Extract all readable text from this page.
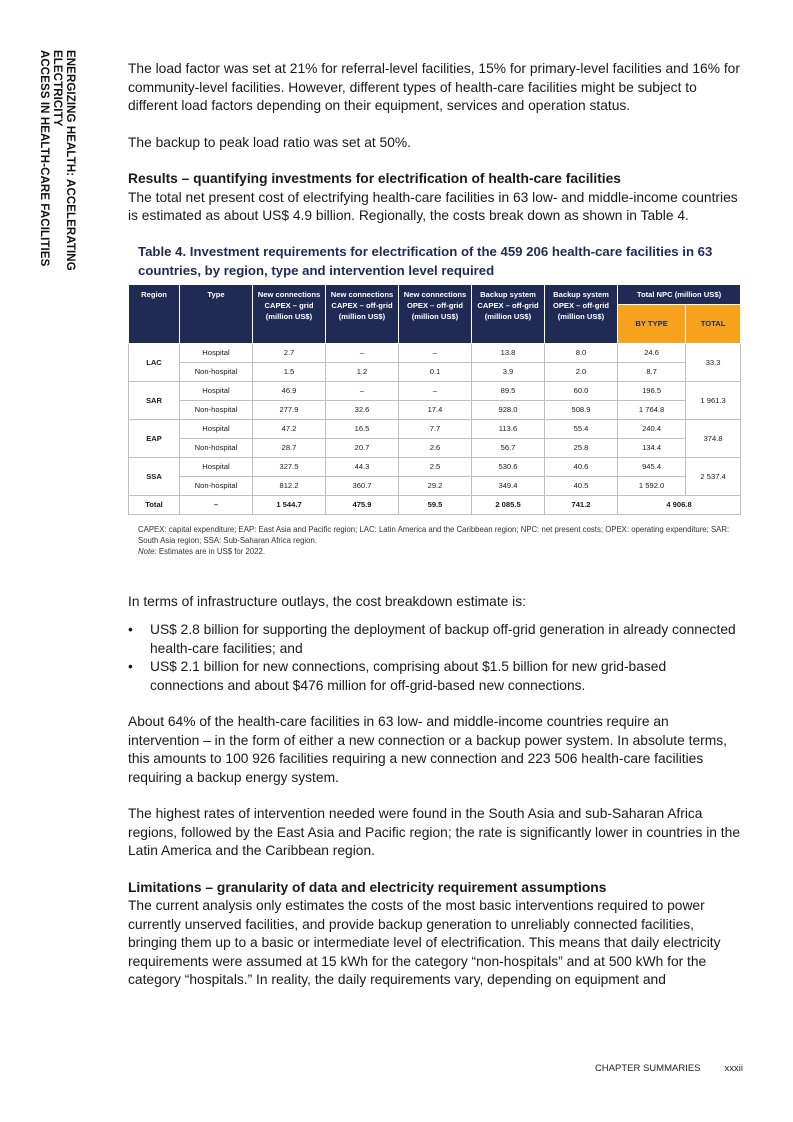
ENERGIZING HEALTH: ACCELERATING ELECTRICITY
ACCESS IN HEALTH-CARE FACILITIES	The load factor was set at 21% for referral-level facilities, 15% for primary-level facilities and 16% for community-level facilities. However, different types of health-care facilities might be subject to different load factors depending on their equipment, services and operation status.

The backup to peak load ratio was set at 50%.

Results – quantifying investments for electrification of health-care facilities

The total net present cost of electrifying health-care facilities in 63 low- and middle-income countries is estimated as about US$ 4.9 billion. Regionally, the costs break down as shown in Table 4.

Table 4. Investment requirements for electrification of the 459 206 health-care facilities in 63 countries, by region, type and intervention level required
Region	Type	New connections CAPEX – grid (million US$)	New connections CAPEX – off-grid (million US$)	New connections OPEX – off-grid (million US$)	Backup system CAPEX – off-grid (million US$)	Backup system OPEX – off-grid (million US$)	Total NPC (million US$)	
							BY TYPE	TOTAL
LAC	Hospital	2.7	–	–	13.8	8.0	24.6	33.3
	Non-hospital	1.5	1.2	0.1	3.9	2.0	8.7	
SAR	Hospital	46.9	–	–	89.5	60.0	196.5	1 961.3
	Non-hospital	277.9	32.6	17.4	928.0	508.9	1 764.8	
EAP	Hospital	47.2	16.5	7.7	113.6	55.4	240.4	374.8
	Non-hospital	28.7	20.7	2.6	56.7	25.8	134.4	
SSA	Hospital	327.5	44.3	2.5	530.6	40.6	945.4	2 537.4
	Non-hospital	812.2	360.7	29.2	349.4	40.5	1 592.0	
Total	–	1 544.7	475.9	59.5	2 085.5	741.2	4 906.8	
CAPEX: capital expenditure; EAP: East Asia and Pacific region; LAC: Latin America and the Caribbean region; NPC: net present costs; OPEX: operating expenditure; SAR: South Asia region; SSA: Sub-Saharan Africa region.
Note: Estimates are in US$ for 2022.

In terms of infrastructure outlays, the cost breakdown estimate is:

• US$ 2.8 billion for supporting the deployment of backup off-grid generation in already connected health-care facilities; and
• US$ 2.1 billion for new connections, comprising about $1.5 billion for new grid-based connections and about $476 million for off-grid-based new connections.

About 64% of the health-care facilities in 63 low- and middle-income countries require an intervention – in the form of either a new connection or a backup power system. In absolute terms, this amounts to 100 926 facilities requiring a new connection and 223 506 health-care facilities requiring a backup energy system.

The highest rates of intervention needed were found in the South Asia and sub-Saharan Africa regions, followed by the East Asia and Pacific region; the rate is significantly lower in countries in the Latin America and the Caribbean region.

Limitations – granularity of data and electricity requirement assumptions

The current analysis only estimates the costs of the most basic interventions required to power currently unserved facilities, and provide backup generation to unreliably connected facilities, bringing them up to a basic or intermediate level of electrification. This means that daily electricity requirements were assumed at 15 kWh for the category “non-hospitals” and at 500 kWh for the category “hospitals.” In reality, the daily requirements vary, depending on equipment and

CHAPTER SUMMARIES	xxxii
